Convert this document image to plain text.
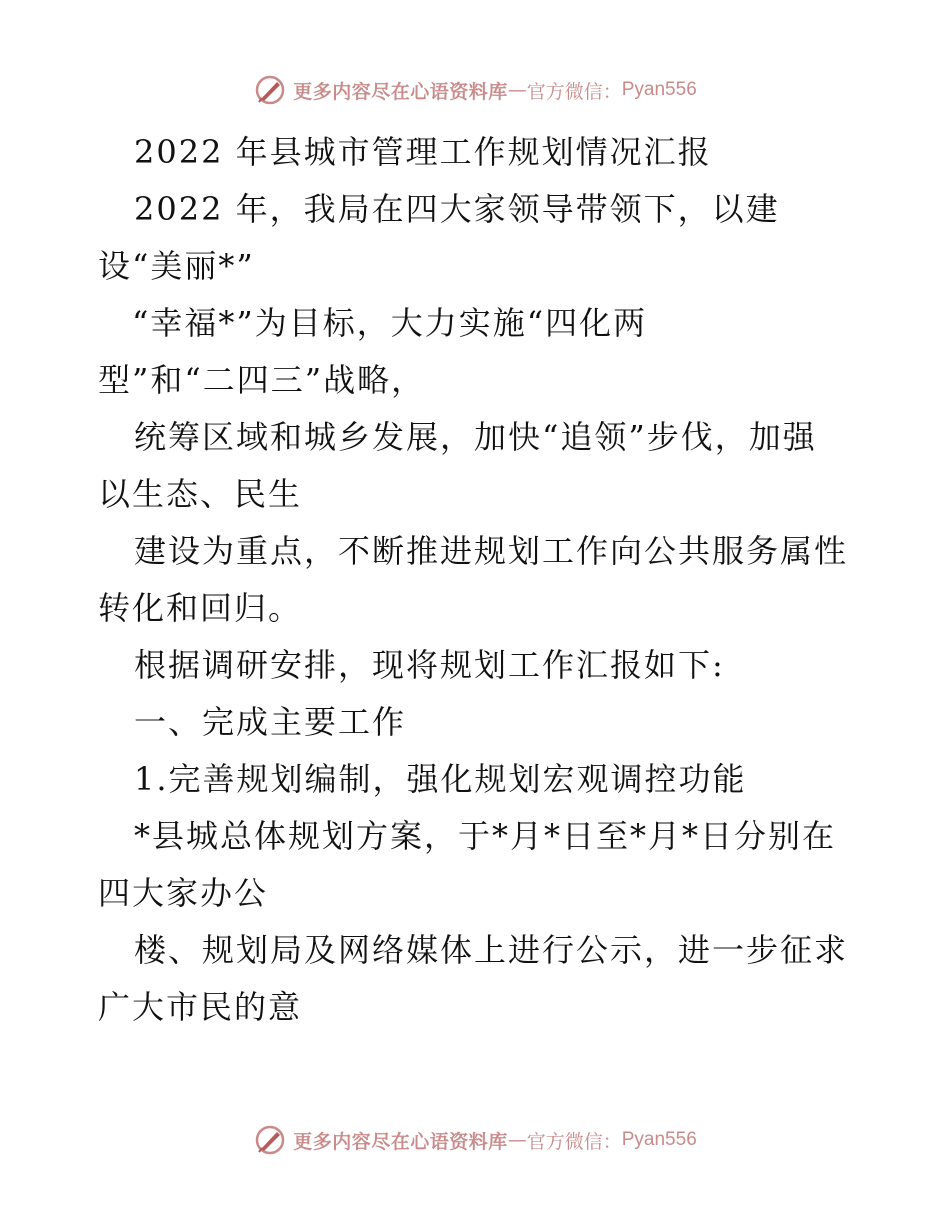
更多内容尽在心语资料库 — 官方微信： Pyan556
2022 年县城市管理工作规划情况汇报
2022 年，我局在四大家领导带领下，以建
设“美丽*”
“幸福*”为目标，大力实施“四化两
型”和“二四三”战略，
统筹区域和城乡发展，加快“追领”步伐，加强
以生态、民生
建设为重点，不断推进规划工作向公共服务属性
转化和回归。
根据调研安排，现将规划工作汇报如下:
一、完成主要工作
1.完善规划编制，强化规划宏观调控功能
*县城总体规划方案，于*月*日至*月*日分别在
四大家办公
楼、规划局及网络媒体上进行公示，进一步征求
广大市民的意
更多内容尽在心语资料库 — 官方微信： Pyan556
